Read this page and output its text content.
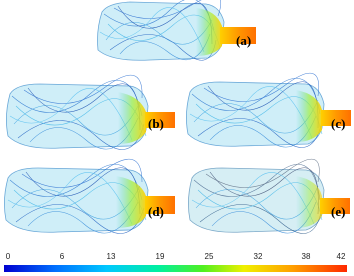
(a)
(b)	(c)
(d)	(e)
0	6	13	19	25	32	38	42
